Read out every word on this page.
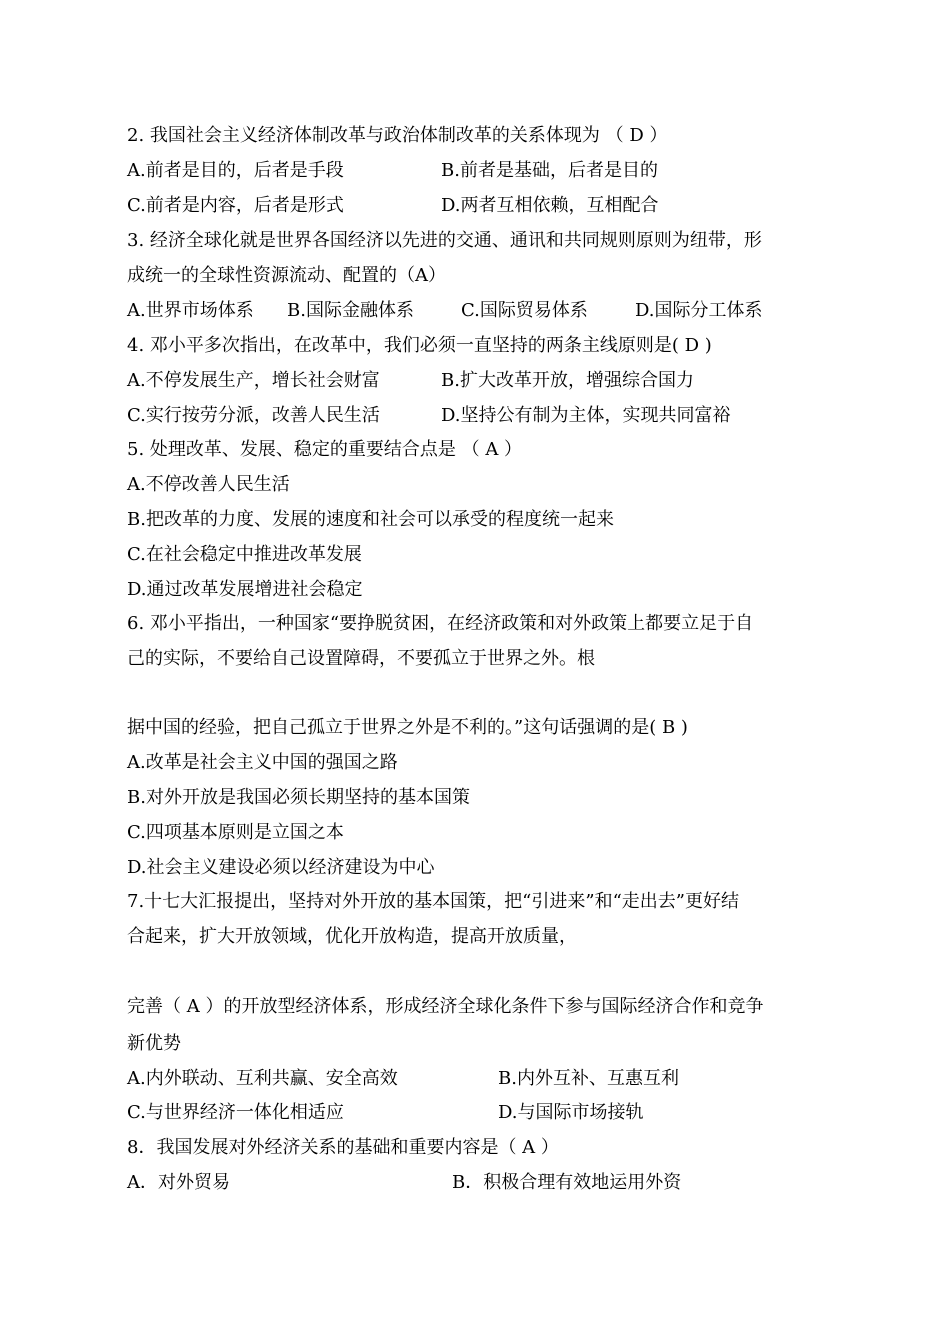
2. 我国社会主义经济体制改革与政治体制改革的关系体现为 （ D ）
A.前者是目的，后者是手段	B.前者是基础，后者是目的
C.前者是内容，后者是形式	D.两者互相依赖，互相配合
3. 经济全球化就是世界各国经济以先进的交通、通讯和共同规则原则为纽带，形
成统一的全球性资源流动、配置的（A）
A.世界市场体系 B.国际金融体系	C.国际贸易体系	D.国际分工体系
4. 邓小平多次指出，在改革中，我们必须一直坚持的两条主线原则是( D )
A.不停发展生产，增长社会财富	B.扩大改革开放，增强综合国力
C.实行按劳分派，改善人民生活	D.坚持公有制为主体，实现共同富裕
5. 处理改革、发展、稳定的重要结合点是 （ A ）
A.不停改善人民生活
B.把改革的力度、发展的速度和社会可以承受的程度统一起来
C.在社会稳定中推进改革发展
D.通过改革发展增进社会稳定
6. 邓小平指出，一种国家“要挣脱贫困，在经济政策和对外政策上都要立足于自
己的实际，不要给自己设置障碍，不要孤立于世界之外。根
据中国的经验，把自己孤立于世界之外是不利的。”这句话强调的是( B )
A.改革是社会主义中国的强国之路
B.对外开放是我国必须长期坚持的基本国策
C.四项基本原则是立国之本
D.社会主义建设必须以经济建设为中心
7.十七大汇报提出，坚持对外开放的基本国策，把“引进来”和“走出去”更好结
合起来，扩大开放领域，优化开放构造，提高开放质量，
完善（ A ）的开放型经济体系，形成经济全球化条件下参与国际经济合作和竞争
新优势
A.内外联动、互利共赢、安全高效	B.内外互补、互惠互利
C.与世界经济一体化相适应	D.与国际市场接轨
8．我国发展对外经济关系的基础和重要内容是（ A ）
A．对外贸易	B．积极合理有效地运用外资
